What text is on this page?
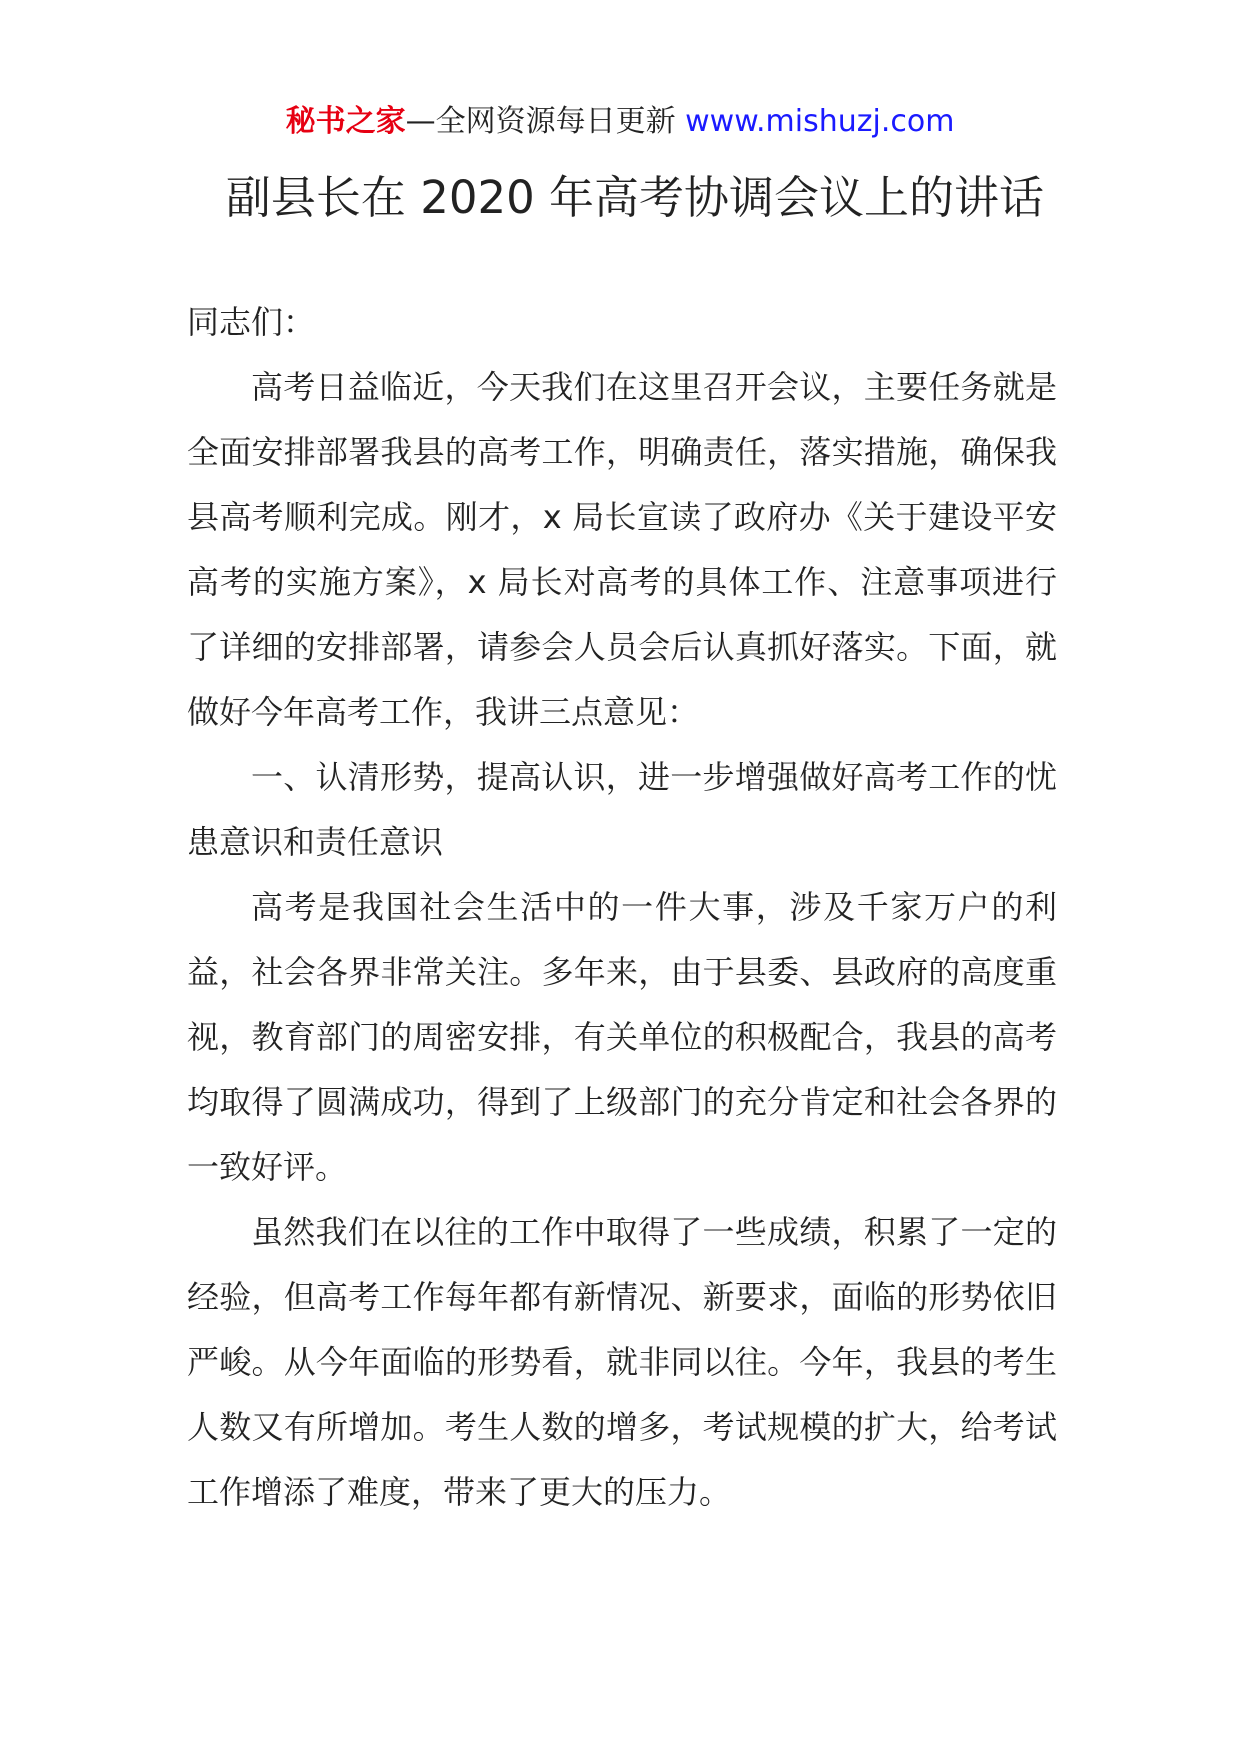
秘书之家—全网资源每日更新 www.mishuzj.com
副县长在 2020 年高考协调会议上的讲话

同志们：

高考日益临近，今天我们在这里召开会议，主要任务就是全面安排部署我县的高考工作，明确责任，落实措施，确保我县高考顺利完成。刚才，x 局长宣读了政府办《关于建设平安高考的实施方案》，x 局长对高考的具体工作、注意事项进行了详细的安排部署，请参会人员会后认真抓好落实。下面，就做好今年高考工作，我讲三点意见：

一、认清形势，提高认识，进一步增强做好高考工作的忧患意识和责任意识

高考是我国社会生活中的一件大事，涉及千家万户的利益，社会各界非常关注。多年来，由于县委、县政府的高度重视，教育部门的周密安排，有关单位的积极配合，我县的高考均取得了圆满成功，得到了上级部门的充分肯定和社会各界的一致好评。

虽然我们在以往的工作中取得了一些成绩，积累了一定的经验，但高考工作每年都有新情况、新要求，面临的形势依旧严峻。从今年面临的形势看，就非同以往。今年，我县的考生人数又有所增加。考生人数的增多，考试规模的扩大，给考试工作增添了难度，带来了更大的压力。
